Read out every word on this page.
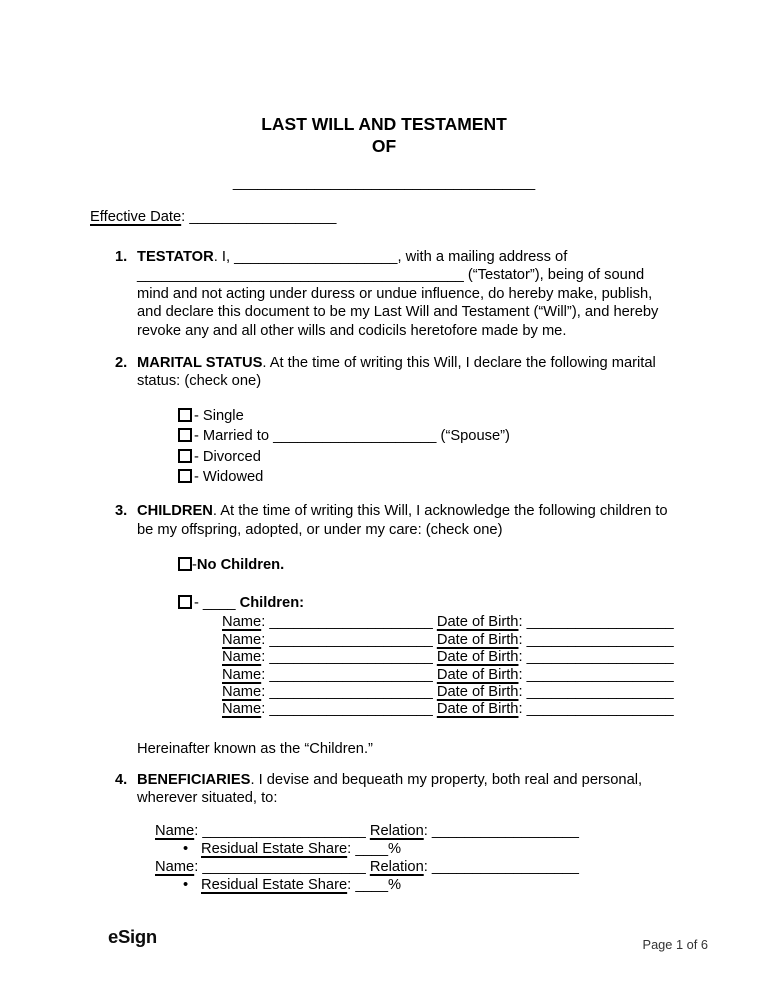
LAST WILL AND TESTAMENT
OF
_____________________________________
Effective Date: __________________
1. TESTATOR. I, ____________________, with a mailing address of ________________________________________ (“Testator”), being of sound mind and not acting under duress or undue influence, do hereby make, publish, and declare this document to be my Last Will and Testament (“Will”), and hereby revoke any and all other wills and codicils heretofore made by me.
2. MARITAL STATUS. At the time of writing this Will, I declare the following marital status: (check one)
- Single
- Married to ____________________ (“Spouse”)
- Divorced
- Widowed
3. CHILDREN. At the time of writing this Will, I acknowledge the following children to be my offspring, adopted, or under my care: (check one)
-No Children.
- ____ Children:
Name: ____________________ Date of Birth: __________________
Name: ____________________ Date of Birth: __________________
Name: ____________________ Date of Birth: __________________
Name: ____________________ Date of Birth: __________________
Name: ____________________ Date of Birth: __________________
Name: ____________________ Date of Birth: __________________
Hereinafter known as the “Children.”
4. BENEFICIARIES. I devise and bequeath my property, both real and personal, wherever situated, to:
Name: ____________________ Relation: __________________
• Residual Estate Share: ____%
Name: ____________________ Relation: __________________
• Residual Estate Share: ____%
eSign	Page 1 of 6
